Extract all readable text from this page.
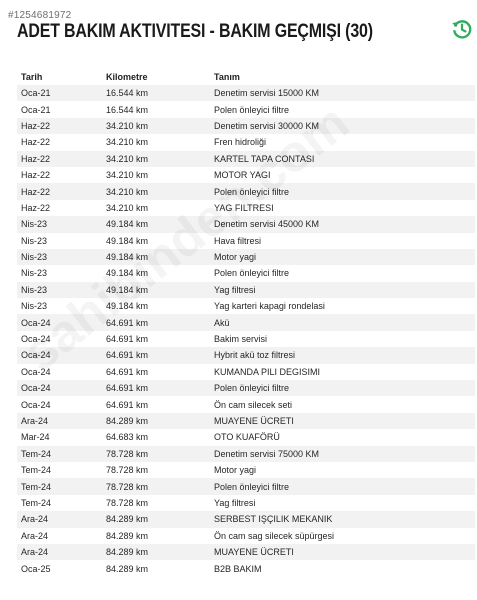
#1254681972
ADET BAKIM AKTIVITESI - BAKIM GEÇMIŞI (30)
Tarih	Kilometre	Tanım
Oca-21	16.544 km	Denetim servisi 15000 KM
Oca-21	16.544 km	Polen önleyici filtre
Haz-22	34.210 km	Denetim servisi 30000 KM
Haz-22	34.210 km	Fren hidroliği
Haz-22	34.210 km	KARTEL TAPA CONTASI
Haz-22	34.210 km	MOTOR YAGI
Haz-22	34.210 km	Polen önleyici filtre
Haz-22	34.210 km	YAG FILTRESI
Nis-23	49.184 km	Denetim servisi 45000 KM
Nis-23	49.184 km	Hava filtresi
Nis-23	49.184 km	Motor yagi
Nis-23	49.184 km	Polen önleyici filtre
Nis-23	49.184 km	Yag filtresi
Nis-23	49.184 km	Yag karteri kapagi rondelasi
Oca-24	64.691 km	Akü
Oca-24	64.691 km	Bakim servisi
Oca-24	64.691 km	Hybrit akü toz filtresi
Oca-24	64.691 km	KUMANDA PILI DEGISIMI
Oca-24	64.691 km	Polen önleyici filtre
Oca-24	64.691 km	Ön cam silecek seti
Ara-24	84.289 km	MUAYENE ÜCRETI
Mar-24	64.683 km	OTO KUAFÖRÜ
Tem-24	78.728 km	Denetim servisi 75000 KM
Tem-24	78.728 km	Motor yagi
Tem-24	78.728 km	Polen önleyici filtre
Tem-24	78.728 km	Yag filtresi
Ara-24	84.289 km	SERBEST IŞÇILIK MEKANIK
Ara-24	84.289 km	Ön cam sag silecek süpürgesi
Ara-24	84.289 km	MUAYENE ÜCRETI
Oca-25	84.289 km	B2B BAKIM
